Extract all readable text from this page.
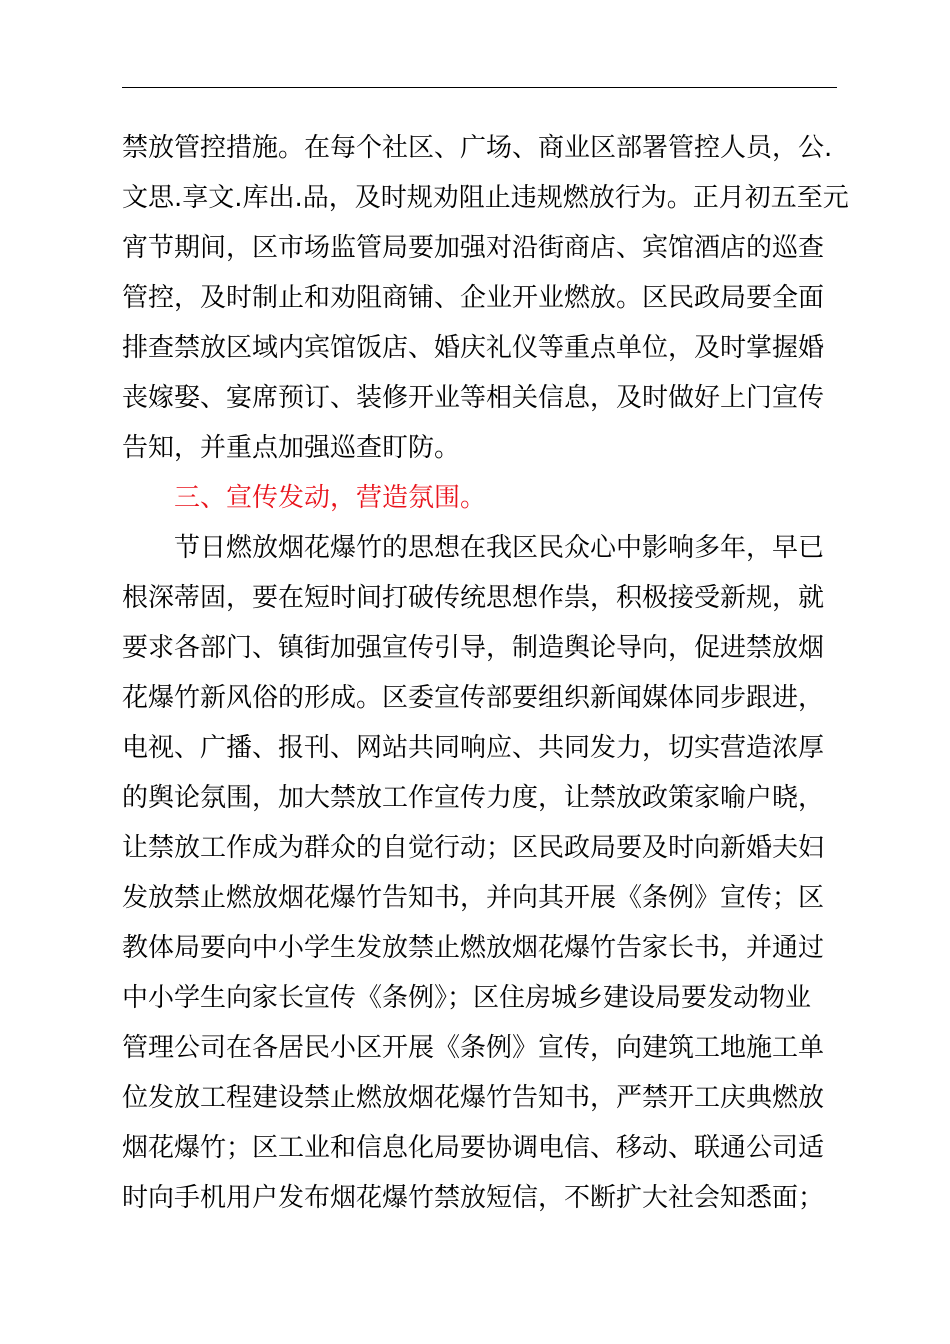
禁放管控措施。在每个社区、广场、商业区部署管控人员，公.
文思.享文.库出.品，及时规劝阻止违规燃放行为。正月初五至元
宵节期间，区市场监管局要加强对沿街商店、宾馆酒店的巡查
管控，及时制止和劝阻商铺、企业开业燃放。区民政局要全面
排查禁放区域内宾馆饭店、婚庆礼仪等重点单位，及时掌握婚
丧嫁娶、宴席预订、装修开业等相关信息，及时做好上门宣传
告知，并重点加强巡查盯防。
三、宣传发动，营造氛围。
节日燃放烟花爆竹的思想在我区民众心中影响多年，早已
根深蒂固，要在短时间打破传统思想作祟，积极接受新规，就
要求各部门、镇街加强宣传引导，制造舆论导向，促进禁放烟
花爆竹新风俗的形成。区委宣传部要组织新闻媒体同步跟进，
电视、广播、报刊、网站共同响应、共同发力，切实营造浓厚
的舆论氛围，加大禁放工作宣传力度，让禁放政策家喻户晓，
让禁放工作成为群众的自觉行动；区民政局要及时向新婚夫妇
发放禁止燃放烟花爆竹告知书，并向其开展《条例》宣传；区
教体局要向中小学生发放禁止燃放烟花爆竹告家长书，并通过
中小学生向家长宣传《条例》；区住房城乡建设局要发动物业
管理公司在各居民小区开展《条例》宣传，向建筑工地施工单
位发放工程建设禁止燃放烟花爆竹告知书，严禁开工庆典燃放
烟花爆竹；区工业和信息化局要协调电信、移动、联通公司适
时向手机用户发布烟花爆竹禁放短信，不断扩大社会知悉面；
